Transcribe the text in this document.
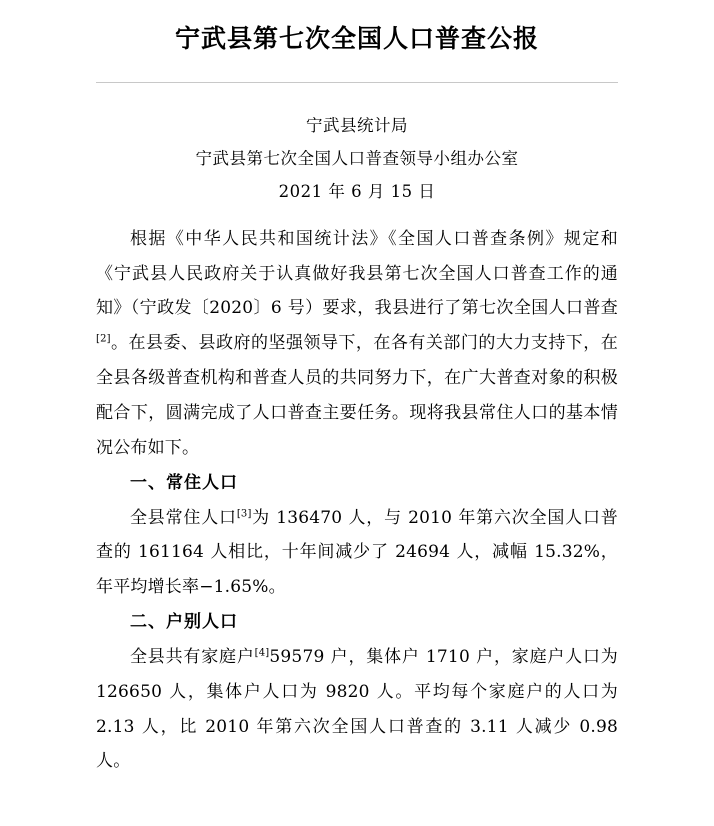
宁武县第七次全国人口普查公报
宁武县统计局
宁武县第七次全国人口普查领导小组办公室
2021 年 6 月 15 日

根据《中华人民共和国统计法》《全国人口普查条例》规定和《宁武县人民政府关于认真做好我县第七次全国人口普查工作的通知》（宁政发〔2020〕6 号）要求，我县进行了第七次全国人口普查[2]。在县委、县政府的坚强领导下，在各有关部门的大力支持下，在全县各级普查机构和普查人员的共同努力下，在广大普查对象的积极配合下，圆满完成了人口普查主要任务。现将我县常住人口的基本情况公布如下。

一、常住人口

全县常住人口[3]为 136470 人，与 2010 年第六次全国人口普查的 161164 人相比，十年间减少了 24694 人，减幅 15.32%，年平均增长率−1.65%。

二、户别人口

全县共有家庭户[4]59579 户，集体户 1710 户，家庭户人口为 126650 人，集体户人口为 9820 人。平均每个家庭户的人口为 2.13 人，比 2010 年第六次全国人口普查的 3.11 人减少 0.98 人。
